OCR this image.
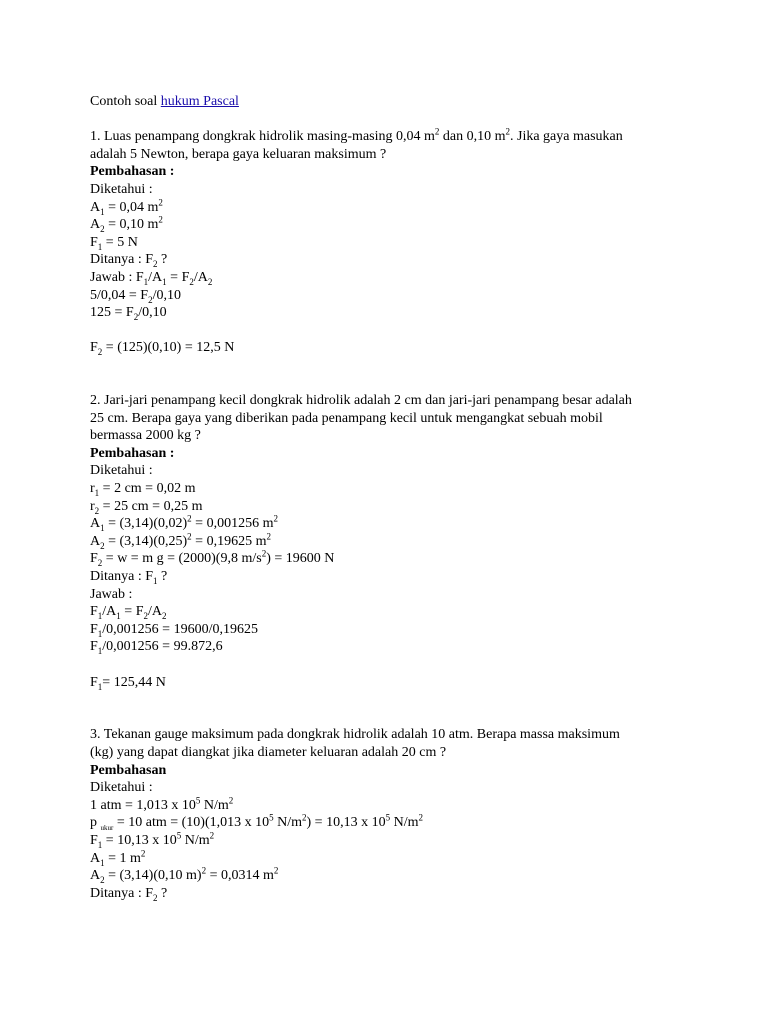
Contoh soal hukum Pascal
1. Luas penampang dongkrak hidrolik masing-masing 0,04 $m^2$ dan 0,10 $m^2$. Jika gaya masukan
adalah 5 Newton, berapa gaya keluaran maksimum ?
Pembahasan :
Diketahui :
$A_1 = 0,04$ $m^2$
$A_2 = 0,10$ $m^2$
$F_1 = 5$ N
Ditanya : $F_2$ ?
Jawab : $F_1/A_1 = F_2/A_2$
$5/0,04 = F_2/0,10$
$125 = F_2/0,10$
$F_2 = (125)(0,10) = 12,5$ N
2. Jari-jari penampang kecil dongkrak hidrolik adalah 2 cm dan jari-jari penampang besar adalah
25 cm. Berapa gaya yang diberikan pada penampang kecil untuk mengangkat sebuah mobil
bermassa 2000 kg ?
Pembahasan :
Diketahui :
$r_1 = 2$ cm = 0,02 m
$r_2 = 25$ cm = 0,25 m
$A_1 = (3,14)(0,02)^2 = 0,001256$ $m^2$
$A_2 = (3,14)(0,25)^2 = 0,19625$ $m^2$
$F_2 = w = m$ g = (2000)(9,8 $m/s^2) = 19600$ N
Ditanya : $F_1$ ?
Jawab :
$F_1/A_1 = F_2/A_2$
$F_1/0,001256 = 19600/0,19625$
$F_1/0,001256 = 99.872,6$
$F_1= 125,44$ N
3. Tekanan gauge maksimum pada dongkrak hidrolik adalah 10 atm. Berapa massa maksimum
(kg) yang dapat diangkat jika diameter keluaran adalah 20 cm ?
Pembahasan
Diketahui :
1 atm = 1,013 x $10^5$ $N/m^2$
p $_{ukur}$ = 10 atm = (10)(1,013 x $10^5$ $N/m^2) = 10,13$ x $10^5$ $N/m^2$
$F_1 = 10,13$ x $10^5$ $N/m^2$
$A_1 = 1$ $m^2$
$A_2 = (3,14)(0,10$ m)$^2$ = 0,0314 $m^2$
Ditanya : $F_2$ ?
